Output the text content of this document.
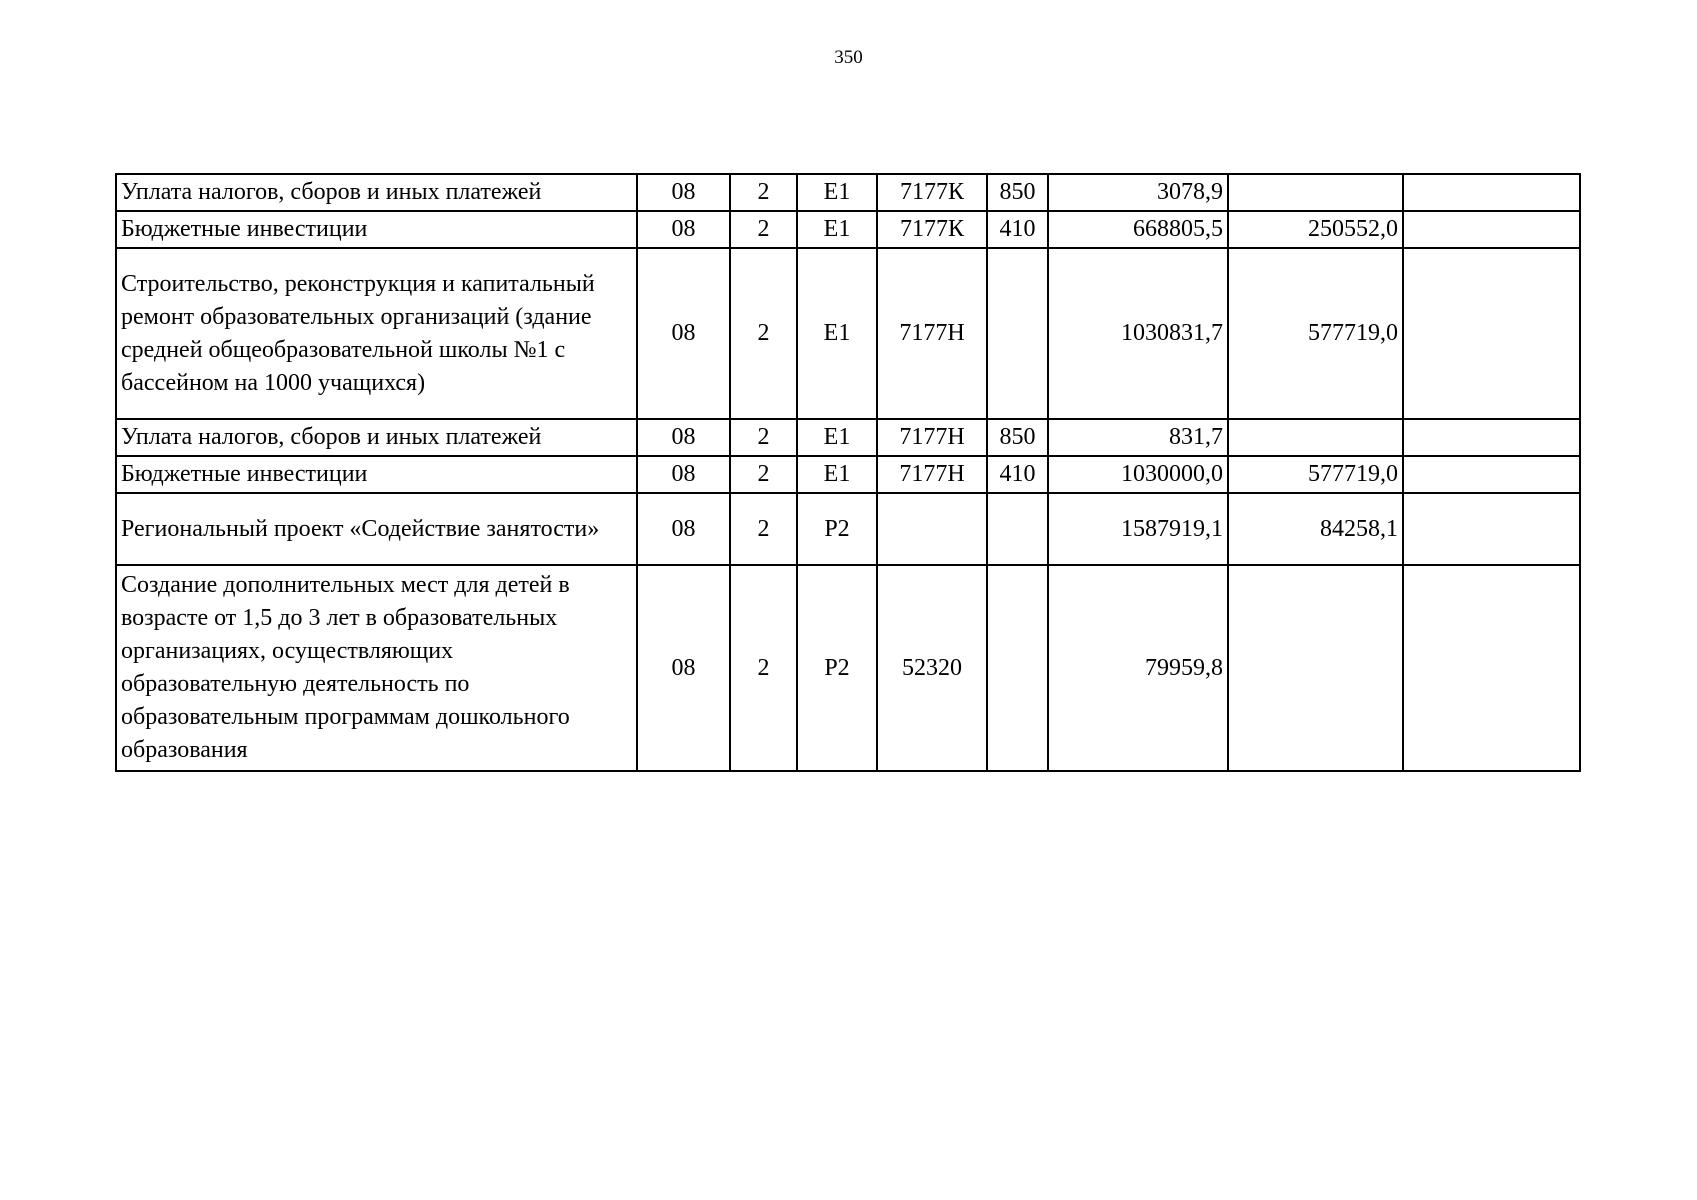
350
Уплата налогов, сборов и иных платежей	08	2	Е1	7177К	850	3078,9		
Бюджетные инвестиции	08	2	Е1	7177К	410	668805,5	250552,0	
Строительство, реконструкция и капитальный ремонт образовательных организаций (здание средней общеобразовательной школы №1 с бассейном на 1000 учащихся)	08	2	Е1	7177Н		1030831,7	577719,0	
Уплата налогов, сборов и иных платежей	08	2	Е1	7177Н	850	831,7		
Бюджетные инвестиции	08	2	Е1	7177Н	410	1030000,0	577719,0	
Региональный проект «Содействие занятости»	08	2	Р2			1587919,1	84258,1	
Создание дополнительных мест для детей в возрасте от 1,5 до 3 лет в образовательных организациях, осуществляющих образовательную деятельность по образовательным программам дошкольного образования	08	2	Р2	52320		79959,8		
